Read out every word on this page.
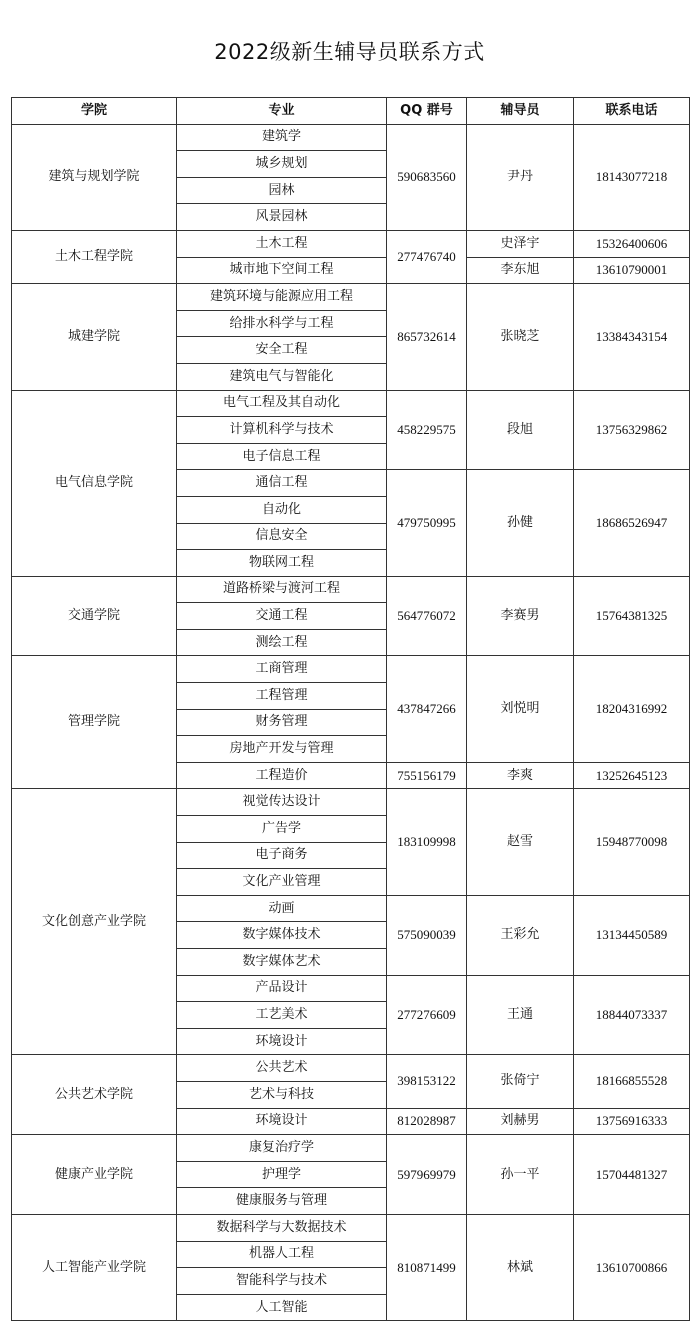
2022级新生辅导员联系方式
学院	专业	QQ 群号	辅导员	联系电话
建筑与规划学院	建筑学	590683560	尹丹	18143077218
	城乡规划			
	园林			
	风景园林			
土木工程学院	土木工程	277476740	史泽宇	15326400606
	城市地下空间工程		李东旭	13610790001
城建学院	建筑环境与能源应用工程	865732614	张晓芝	13384343154
	给排水科学与工程			
	安全工程			
	建筑电气与智能化			
电气信息学院	电气工程及其自动化	458229575	段旭	13756329862
	计算机科学与技术			
	电子信息工程			
	通信工程	479750995	孙健	18686526947
	自动化			
	信息安全			
	物联网工程			
交通学院	道路桥梁与渡河工程	564776072	李赛男	15764381325
	交通工程			
	测绘工程			
管理学院	工商管理	437847266	刘悦明	18204316992
	工程管理			
	财务管理			
	房地产开发与管理			
	工程造价	755156179	李爽	13252645123
文化创意产业学院	视觉传达设计	183109998	赵雪	15948770098
	广告学			
	电子商务			
	文化产业管理			
	动画	575090039	王彩允	13134450589
	数字媒体技术			
	数字媒体艺术			
	产品设计	277276609	王通	18844073337
	工艺美术			
	环境设计			
公共艺术学院	公共艺术	398153122	张倚宁	18166855528
	艺术与科技			
	环境设计	812028987	刘赫男	13756916333
健康产业学院	康复治疗学	597969979	孙一平	15704481327
	护理学			
	健康服务与管理			
人工智能产业学院	数据科学与大数据技术	810871499	林斌	13610700866
	机器人工程			
	智能科学与技术			
	人工智能			
